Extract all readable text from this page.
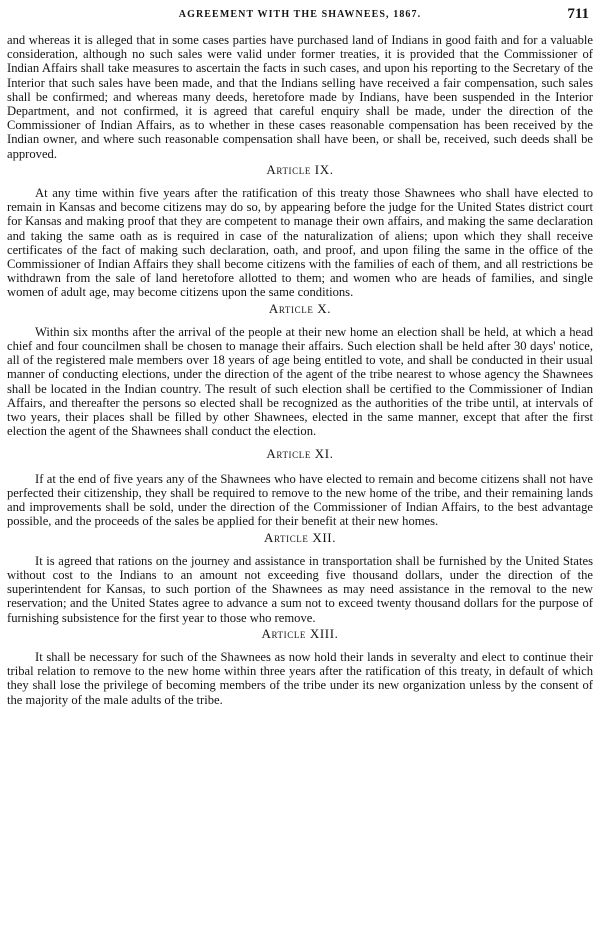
AGREEMENT WITH THE SHAWNEES, 1867.	711

and whereas it is alleged that in some cases parties have purchased land of Indians in good faith and for a valuable consideration, although no such sales were valid under former treaties, it is provided that the Commissioner of Indian Affairs shall take measures to ascertain the facts in such cases, and upon his reporting to the Secretary of the Interior that such sales have been made, and that the Indians selling have received a fair compensation, such sales shall be confirmed; and whereas many deeds, heretofore made by Indians, have been suspended in the Interior Department, and not confirmed, it is agreed that careful enquiry shall be made, under the direction of the Commissioner of Indian Affairs, as to whether in these cases reasonable compensation has been received by the Indian owner, and where such reasonable compensation shall have been, or shall be, received, such deeds shall be approved.

Article IX.

At any time within five years after the ratification of this treaty those Shawnees who shall have elected to remain in Kansas and become citizens may do so, by appearing before the judge for the United States district court for Kansas and making proof that they are competent to manage their own affairs, and making the same declaration and taking the same oath as is required in case of the naturalization of aliens; upon which they shall receive certificates of the fact of making such declaration, oath, and proof, and upon filing the same in the office of the Commissioner of Indian Affairs they shall become citizens with the families of each of them, and all restrictions be withdrawn from the sale of land heretofore allotted to them; and women who are heads of families, and single women of adult age, may become citizens upon the same conditions.

Article X.

Within six months after the arrival of the people at their new home an election shall be held, at which a head chief and four councilmen shall be chosen to manage their affairs. Such election shall be held after 30 days' notice, all of the registered male members over 18 years of age being entitled to vote, and shall be conducted in their usual manner of conducting elections, under the direction of the agent of the tribe nearest to whose agency the Shawnees shall be located in the Indian country. The result of such election shall be certified to the Commissioner of Indian Affairs, and thereafter the persons so elected shall be recognized as the authorities of the tribe until, at intervals of two years, their places shall be filled by other Shawnees, elected in the same manner, except that after the first election the agent of the Shawnees shall conduct the election.

Article XI.

If at the end of five years any of the Shawnees who have elected to remain and become citizens shall not have perfected their citizenship, they shall be required to remove to the new home of the tribe, and their remaining lands and improvements shall be sold, under the direction of the Commissioner of Indian Affairs, to the best advantage possible, and the proceeds of the sales be applied for their benefit at their new homes.

Article XII.

It is agreed that rations on the journey and assistance in transportation shall be furnished by the United States without cost to the Indians to an amount not exceeding five thousand dollars, under the direction of the superintendent for Kansas, to such portion of the Shawnees as may need assistance in the removal to the new reservation; and the United States agree to advance a sum not to exceed twenty thousand dollars for the purpose of furnishing subsistence for the first year to those who remove.

Article XIII.

It shall be necessary for such of the Shawnees as now hold their lands in severalty and elect to continue their tribal relation to remove to the new home within three years after the ratification of this treaty, in default of which they shall lose the privilege of becoming members of the tribe under its new organization unless by the consent of the majority of the male adults of the tribe.
